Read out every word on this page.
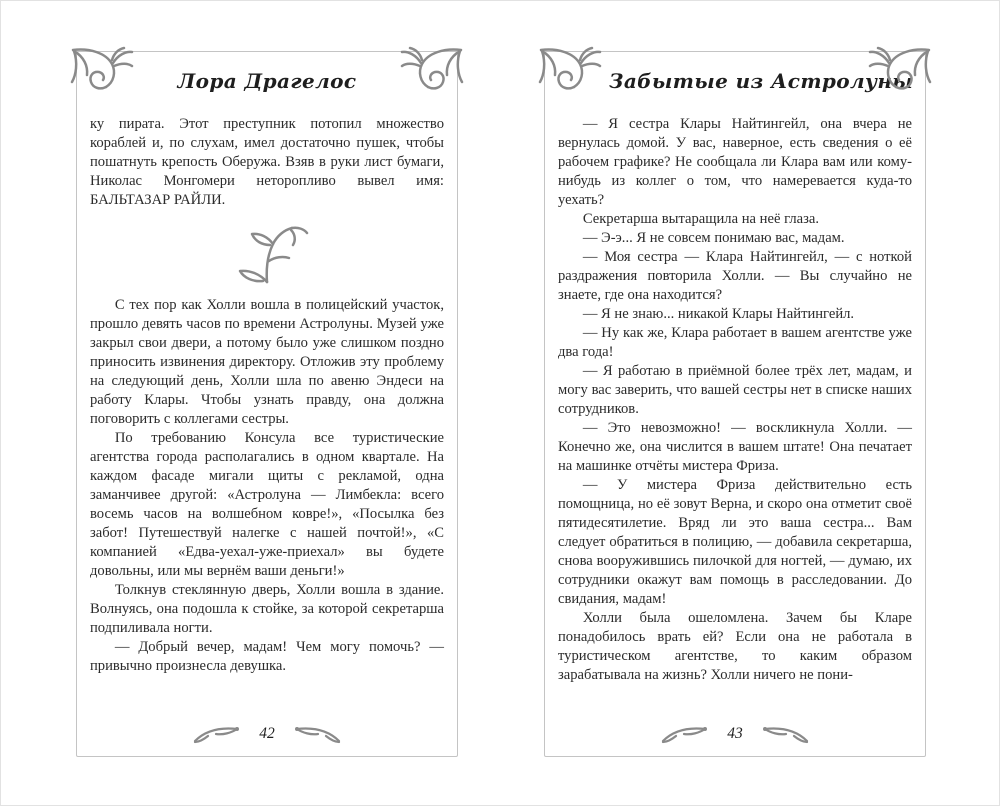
Лора Драгелос

ку пирата. Этот преступник потопил множество кораблей и, по слухам, имел достаточно пушек, чтобы пошатнуть крепость Оберужа. Взяв в руки лист бумаги, Николас Монгомери неторопливо вывел имя: БАЛЬТАЗАР РАЙЛИ.

С тех пор как Холли вошла в полицейский участок, прошло девять часов по времени Астролуны. Музей уже закрыл свои двери, а потому было уже слишком поздно приносить извинения директору. Отложив эту проблему на следующий день, Холли шла по авеню Эндеси на работу Клары. Чтобы узнать правду, она должна поговорить с коллегами сестры.

По требованию Консула все туристические агентства города располагались в одном квартале. На каждом фасаде мигали щиты с рекламой, одна заманчивее другой: «Астролуна — Лимбекла: всего восемь часов на волшебном ковре!», «Посылка без забот! Путешествуй налегке с нашей почтой!», «С компанией «Едва-уехал-уже-приехал» вы будете довольны, или мы вернём ваши деньги!»

Толкнув стеклянную дверь, Холли вошла в здание. Волнуясь, она подошла к стойке, за которой секретарша подпиливала ногти.

— Добрый вечер, мадам! Чем могу помочь? — привычно произнесла девушка.

42
Забытые из Астролуны

— Я сестра Клары Найтингейл, она вчера не вернулась домой. У вас, наверное, есть сведения о её рабочем графике? Не сообщала ли Клара вам или кому-нибудь из коллег о том, что намеревается куда-то уехать?

Секретарша вытаращила на неё глаза.

— Э-э... Я не совсем понимаю вас, мадам.

— Моя сестра — Клара Найтингейл, — с ноткой раздражения повторила Холли. — Вы случайно не знаете, где она находится?

— Я не знаю... никакой Клары Найтингейл.

— Ну как же, Клара работает в вашем агентстве уже два года!

— Я работаю в приёмной более трёх лет, мадам, и могу вас заверить, что вашей сестры нет в списке наших сотрудников.

— Это невозможно! — воскликнула Холли. — Конечно же, она числится в вашем штате! Она печатает на машинке отчёты мистера Фриза.

— У мистера Фриза действительно есть помощница, но её зовут Верна, и скоро она отметит своё пятидесятилетие. Вряд ли это ваша сестра... Вам следует обратиться в полицию, — добавила секретарша, снова вооружившись пилочкой для ногтей, — думаю, их сотрудники окажут вам помощь в расследовании. До свидания, мадам!

Холли была ошеломлена. Зачем бы Кларе понадобилось врать ей? Если она не работала в туристическом агентстве, то каким образом зарабатывала на жизнь? Холли ничего не пони-

43
